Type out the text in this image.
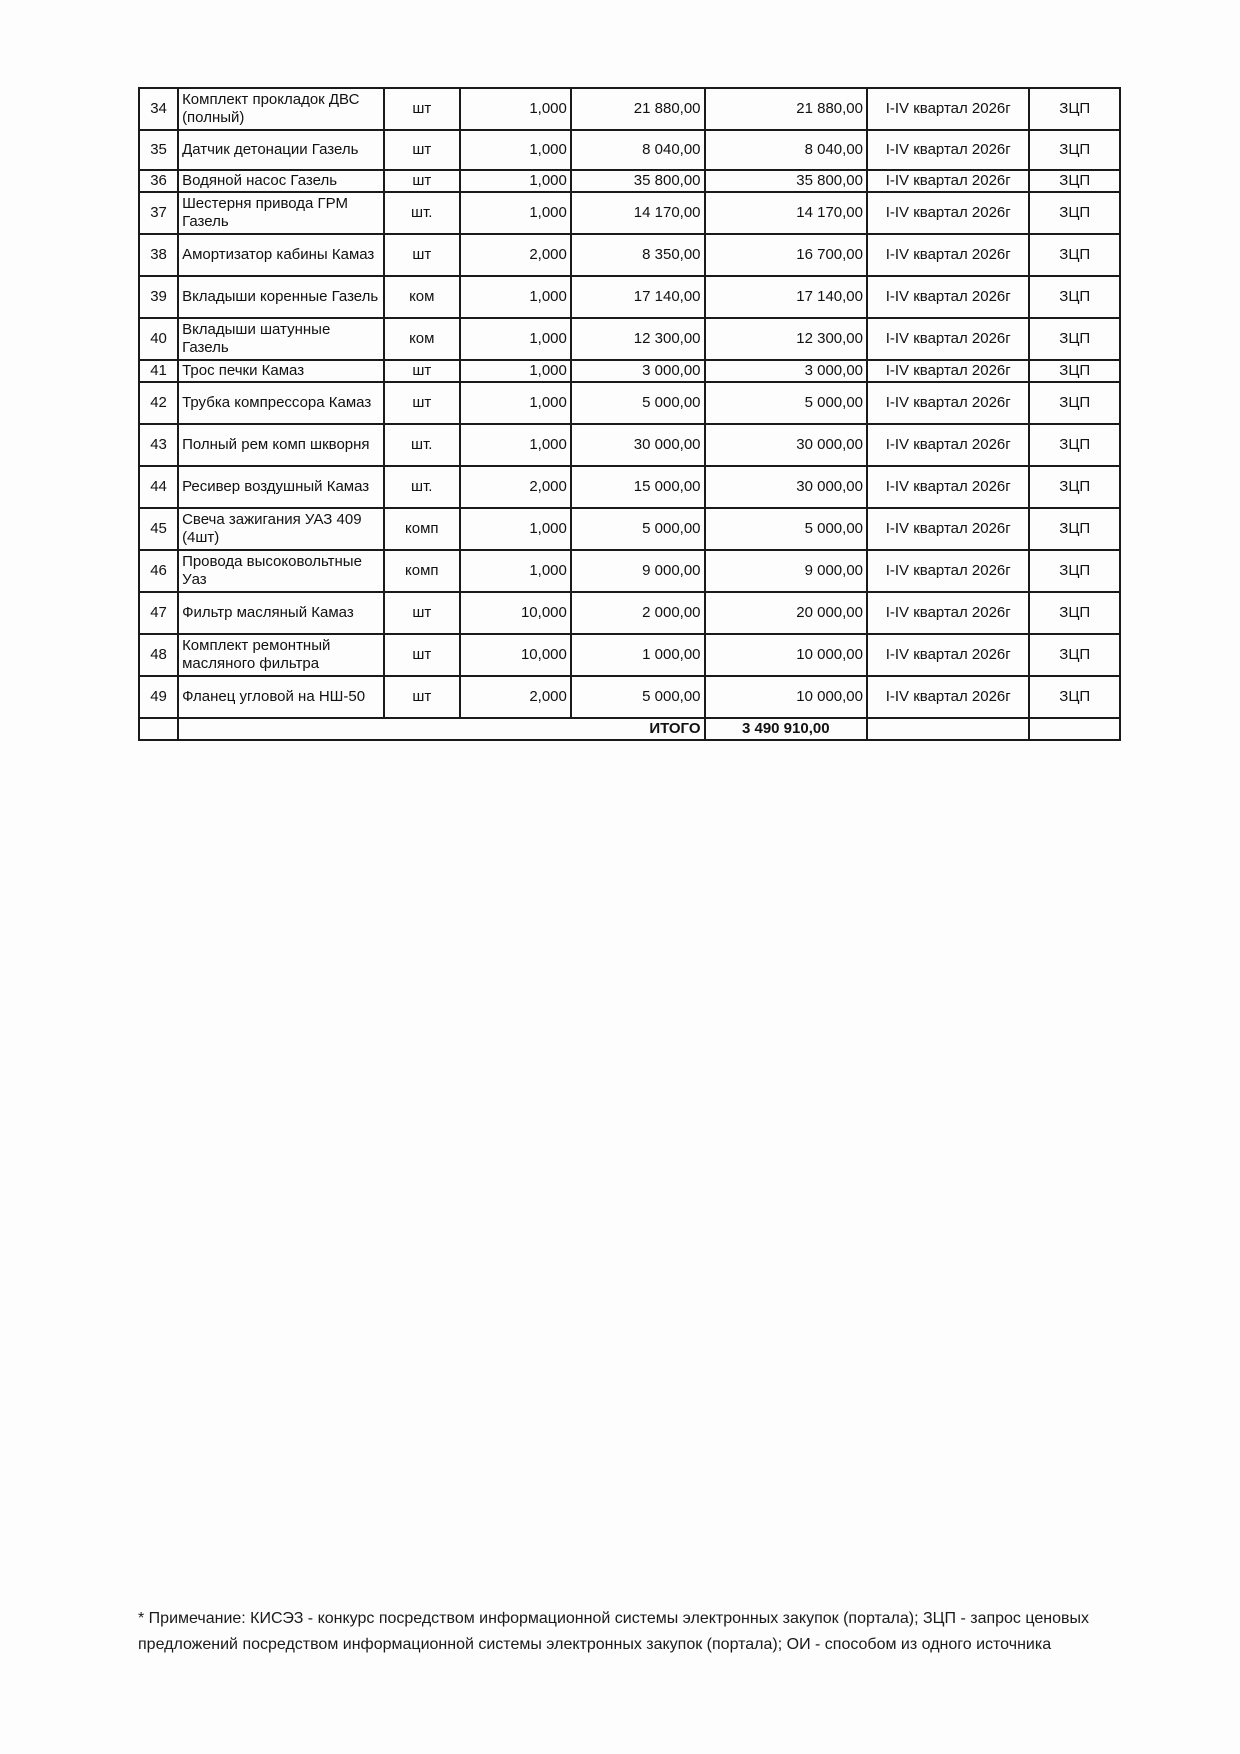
34	Комплект прокладок ДВС (полный)	шт	1,000	21 880,00	21 880,00	I-IV квартал 2026г	ЗЦП
35	Датчик детонации Газель	шт	1,000	8 040,00	8 040,00	I-IV квартал 2026г	ЗЦП
36	Водяной насос Газель	шт	1,000	35 800,00	35 800,00	I-IV квартал 2026г	ЗЦП
37	Шестерня привода ГРМ Газель	шт.	1,000	14 170,00	14 170,00	I-IV квартал 2026г	ЗЦП
38	Амортизатор кабины Камаз	шт	2,000	8 350,00	16 700,00	I-IV квартал 2026г	ЗЦП
39	Вкладыши коренные Газель	ком	1,000	17 140,00	17 140,00	I-IV квартал 2026г	ЗЦП
40	Вкладыши шатунные Газель	ком	1,000	12 300,00	12 300,00	I-IV квартал 2026г	ЗЦП
41	Трос печки Камаз	шт	1,000	3 000,00	3 000,00	I-IV квартал 2026г	ЗЦП
42	Трубка компрессора Камаз	шт	1,000	5 000,00	5 000,00	I-IV квартал 2026г	ЗЦП
43	Полный рем комп шкворня	шт.	1,000	30 000,00	30 000,00	I-IV квартал 2026г	ЗЦП
44	Ресивер воздушный Камаз	шт.	2,000	15 000,00	30 000,00	I-IV квартал 2026г	ЗЦП
45	Свеча зажигания УАЗ 409 (4шт)	комп	1,000	5 000,00	5 000,00	I-IV квартал 2026г	ЗЦП
46	Провода высоковольтные Уаз	комп	1,000	9 000,00	9 000,00	I-IV квартал 2026г	ЗЦП
47	Фильтр масляный Камаз	шт	10,000	2 000,00	20 000,00	I-IV квартал 2026г	ЗЦП
48	Комплект ремонтный масляного фильтра	шт	10,000	1 000,00	10 000,00	I-IV квартал 2026г	ЗЦП
49	Фланец угловой на НШ-50	шт	2,000	5 000,00	10 000,00	I-IV квартал 2026г	ЗЦП
	ИТОГО				3 490 910,00		
* Примечание: КИСЭЗ - конкурс посредством информационной системы электронных закупок (портала); ЗЦП - запрос ценовых предложений посредством информационной системы электронных закупок (портала); ОИ - способом из одного источника
